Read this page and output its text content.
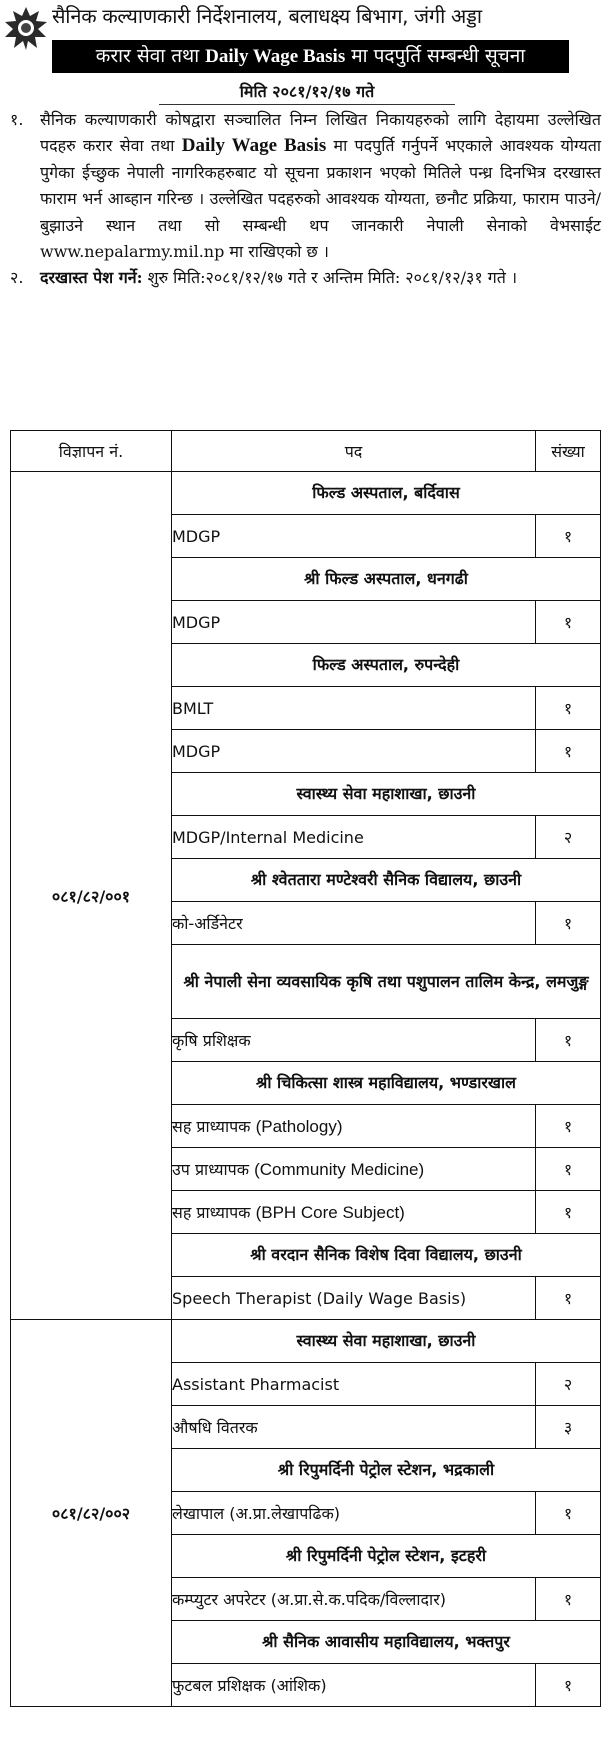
सैनिक कल्याणकारी निर्देशनालय, बलाधक्ष्य बिभाग, जंगी अड्डा
करार सेवा तथा Daily Wage Basis मा पदपुर्ति सम्बन्धी सूचना
मिति २०८१/१२/१७ गते
१. सैनिक कल्याणकारी कोषद्वारा सञ्चालित निम्न लिखित निकायहरुको लागि देहायमा उल्लेखित पदहरु करार सेवा तथा Daily Wage Basis मा पदपुर्ति गर्नुपर्ने भएकाले आवश्यक योग्यता पुगेका ईच्छुक नेपाली नागरिकहरुबाट यो सूचना प्रकाशन भएको मितिले पन्ध्र दिनभित्र दरखास्त फाराम भर्न आब्हान गरिन्छ । उल्लेखित पदहरुको आवश्यक योग्यता, छनौट प्रक्रिया, फाराम पाउने/ बुझाउने स्थान तथा सो सम्बन्धी थप जानकारी नेपाली सेनाको वेभसाईट www.nepalarmy.mil.np मा राखिएको छ ।
२. दरखास्त पेश गर्ने: शुरु मिति:२०८१/१२/१७ गते र अन्तिम मिति: २०८१/१२/३१ गते ।
विज्ञापन नं.	पद	संख्या
०८१/८२/००१	फिल्ड अस्पताल, बर्दिवास	
	MDGP	१
	श्री फिल्ड अस्पताल, धनगढी	
	MDGP	१
	फिल्ड अस्पताल, रुपन्देही	
	BMLT	१
	MDGP	१
	स्वास्थ्य सेवा महाशाखा, छाउनी	
	MDGP/Internal Medicine	२
	श्री श्वेततारा मण्टेश्वरी सैनिक विद्यालय, छाउनी	
	को-अर्डिनेटर	१
	श्री नेपाली सेना व्यवसायिक कृषि तथा पशुपालन तालिम केन्द्र, लमजुङ्ग	
	कृषि प्रशिक्षक	१
	श्री चिकित्सा शास्त्र महाविद्यालय, भण्डारखाल	
	सह प्राध्यापक (Pathology)	१
	उप प्राध्यापक (Community Medicine)	१
	सह प्राध्यापक (BPH Core Subject)	१
	श्री वरदान सैनिक विशेष दिवा विद्यालय, छाउनी	
	Speech Therapist (Daily Wage Basis)	१
०८१/८२/००२	स्वास्थ्य सेवा महाशाखा, छाउनी	
	Assistant Pharmacist	२
	औषधि वितरक	३
	श्री रिपुमर्दिनी पेट्रोल स्टेशन, भद्रकाली	
	लेखापाल (अ.प्रा.लेखापढिक)	१
	श्री रिपुमर्दिनी पेट्रोल स्टेशन, इटहरी	
	कम्प्युटर अपरेटर (अ.प्रा.से.क.पदिक/विल्लादार)	१
	श्री सैनिक आवासीय महाविद्यालय, भक्तपुर	
	फुटबल प्रशिक्षक (आंशिक)	१
